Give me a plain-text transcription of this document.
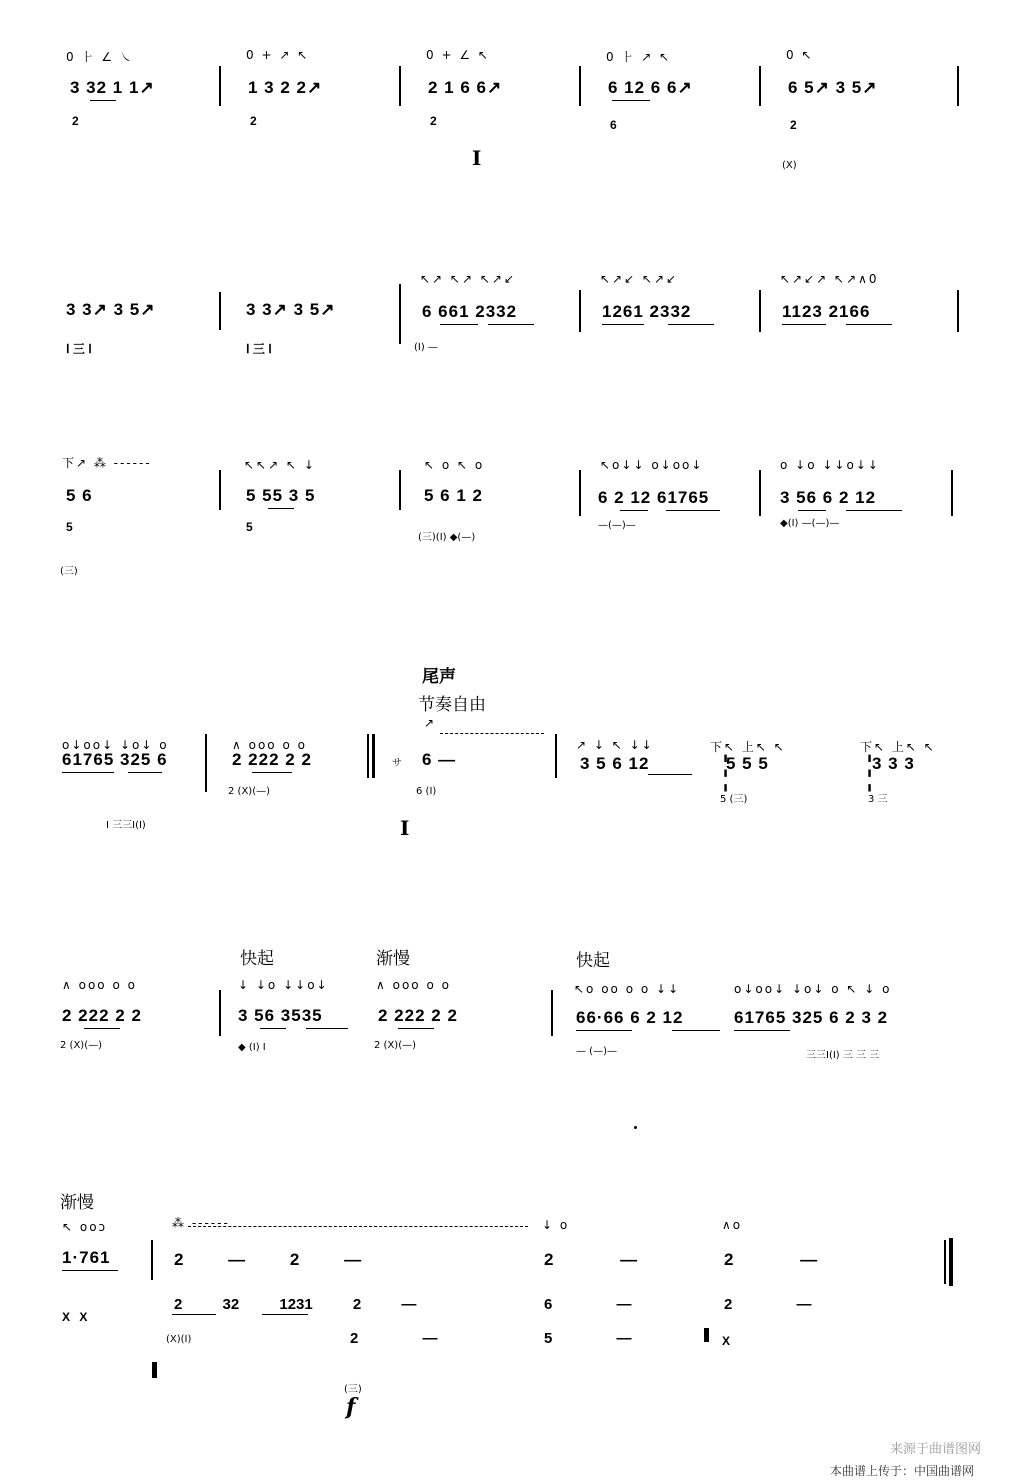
0 ⺊ ∠ ㇏	0 + ↗ ↖	0 + ∠ ↖	0 ⺊ ↗ ↖	0 ↖
3 32 1 1↗	1 3 2 2↗	2 1 6 6↗	6 12 6 6↗	6 5↗ 3 5↗
2	2	2	6	2
(X)
I
↖↗ ↖↗ ↖↗↙	↖↗↙ ↖↗↙	↖↗↙↗ ↖↗∧0
3 3↗ 3 5↗	3 3↗ 3 5↗	6 661 2332	1261 2332	1123 2166
Ⅰ 三 Ⅰ	Ⅰ 三 Ⅰ	(Ⅰ) —
下↗ ⁂ ------	↖↖↗ ↖ ↓	↖ o ↖ o	↖o↓↓ o↓oo↓	o ↓o ↓↓o↓↓
5 6	5 55 3 5	5 6 1 2	6 2 12 61765	3 56 6 2 12
5	5
(三)(Ⅰ) ◆(—)
—(—)—	◆(Ⅰ) —(—)—
(三)
尾声
节奏自由
o↓oo↓ ↓o↓ o	∧ ooo o o
↗
↗ ↓ ↖ ↓↓	下↖ 上↖ ↖	下↖ 上↖ ↖
61765 325 6	2 222 2 2	サ 6 —	3 5 6 12	5 5 5	3 3 3
Ⅰ 三三Ⅰ(Ⅰ)
2 (X)(—)	6 (Ⅰ)
5 (三)	3 三
I
⁝ ⁝
快起	渐慢	快起
∧ ooo o o	↓ ↓o ↓↓o↓	∧ ooo o o	↖o oo o o ↓↓	o↓oo↓ ↓o↓ o ↖ ↓ o
2 222 2 2	3 56 3535	2 222 2 2	66·66 6 2 12	61765 325 6 2 3 2
2 (X)(—)	◆ (Ⅰ) Ⅰ	2 (X)(—)
— (—)—	三三Ⅰ(Ⅰ) 三 三 三
渐慢
↖ ooↄ	⁂ ------	↓ o	∧o
1·761	2 — 2 —	2 —	2 —
X X
2 32 1231 2 —	6 —	2 —
(X)(Ⅰ)	2 —	5 —	X
(三)
f
来源于曲谱图网
本曲谱上传于：中国曲谱网
